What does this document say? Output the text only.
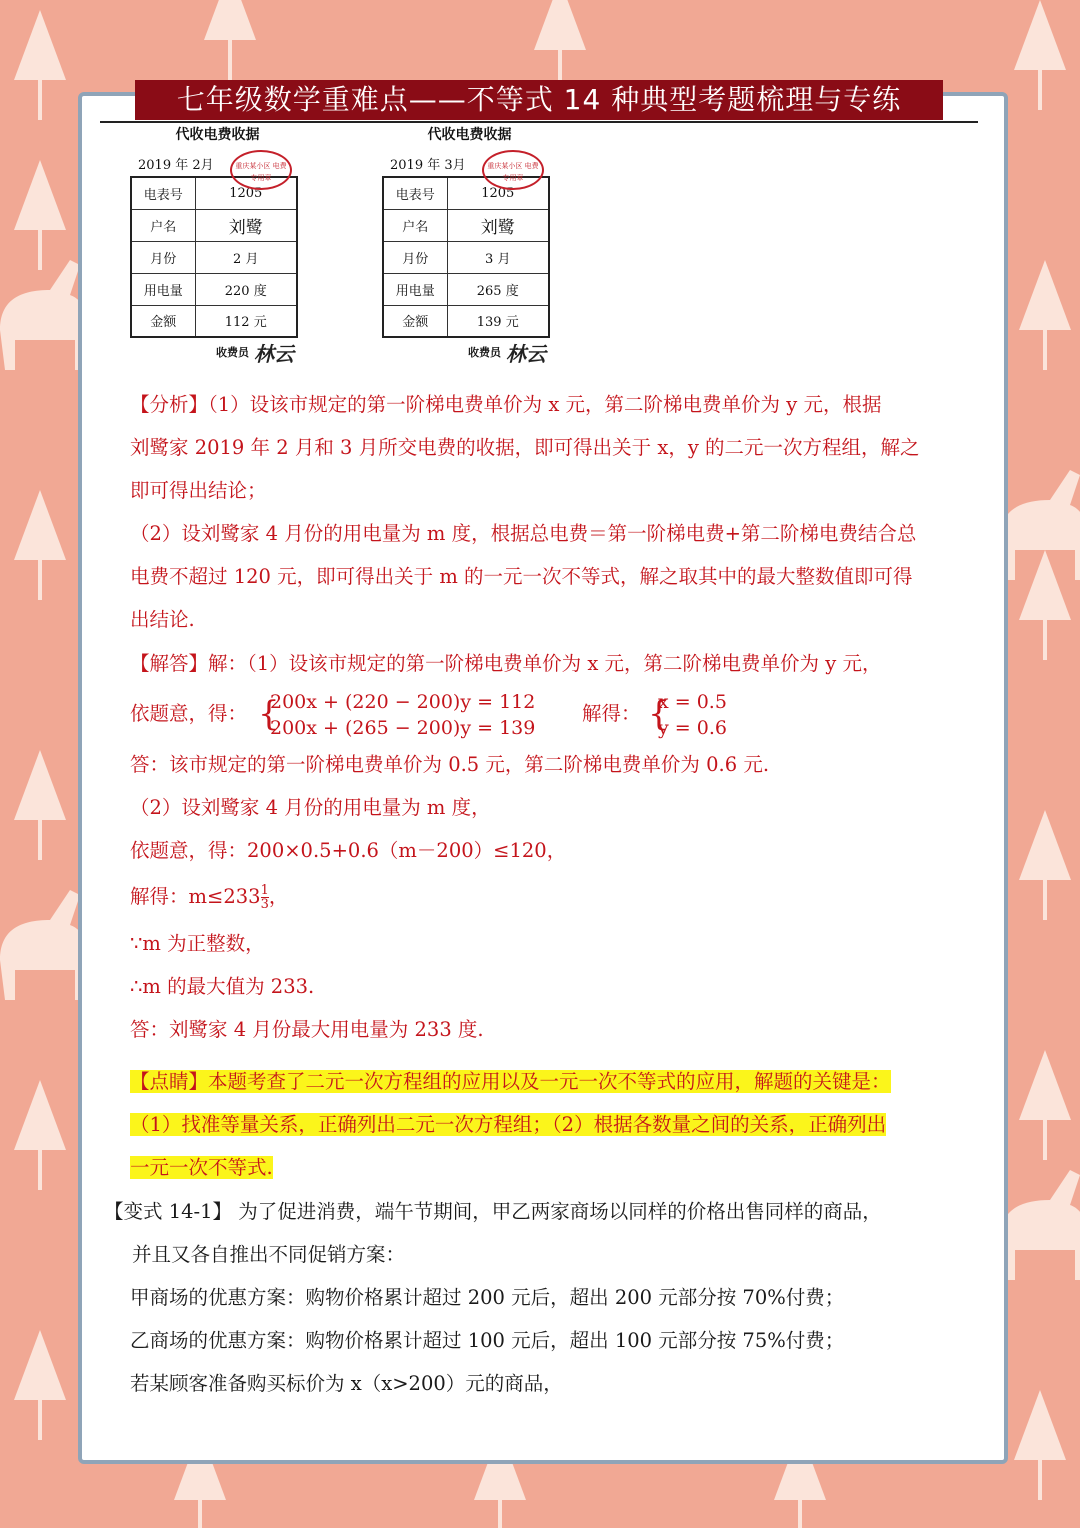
七年级数学重难点——不等式 14 种典型考题梳理与专练
代收电费收据
2019 年 2月	重庆某小区 电费专用章
电表号	1205
户名	刘鹭
月份	2 月
用电量	220 度
金额	112 元
收费员 林云
代收电费收据
2019 年 3月	重庆某小区 电费专用章
电表号	1205
户名	刘鹭
月份	3 月
用电量	265 度
金额	139 元
收费员 林云
【分析】（1）设该市规定的第一阶梯电费单价为 x 元，第二阶梯电费单价为 y 元，根据
刘鹭家 2019 年 2 月和 3 月所交电费的收据，即可得出关于 x，y 的二元一次方程组，解之
即可得出结论；
（2）设刘鹭家 4 月份的用电量为 m 度，根据总电费＝第一阶梯电费+第二阶梯电费结合总
电费不超过 120 元，即可得出关于 m 的一元一次不等式，解之取其中的最大整数值即可得
出结论.
【解答】解：（1）设该市规定的第一阶梯电费单价为 x 元，第二阶梯电费单价为 y 元，
依题意，得： {
200x + (220 − 200)y = 112
200x + (265 − 200)y = 139
解得： {
x = 0.5
y = 0.6
答：该市规定的第一阶梯电费单价为 0.5 元，第二阶梯电费单价为 0.6 元.
（2）设刘鹭家 4 月份的用电量为 m 度，
依题意，得：200×0.5+0.6（m－200）≤120，
解得：$m\le 233 \frac{1}{3}$ ，
∵m 为正整数，
∴m 的最大值为 233.
答：刘鹭家 4 月份最大用电量为 233 度.
【点睛】本题考查了二元一次方程组的应用以及一元一次不等式的应用，解题的关键是：
（1）找准等量关系，正确列出二元一次方程组；（2）根据各数量之间的关系，正确列出
一元一次不等式.
【变式 14-1】 为了促进消费，端午节期间，甲乙两家商场以同样的价格出售同样的商品，
并且又各自推出不同促销方案：
甲商场的优惠方案：购物价格累计超过 200 元后，超出 200 元部分按 70%付费；
乙商场的优惠方案：购物价格累计超过 100 元后，超出 100 元部分按 75%付费；
若某顾客准备购买标价为 x（x>200）元的商品，
